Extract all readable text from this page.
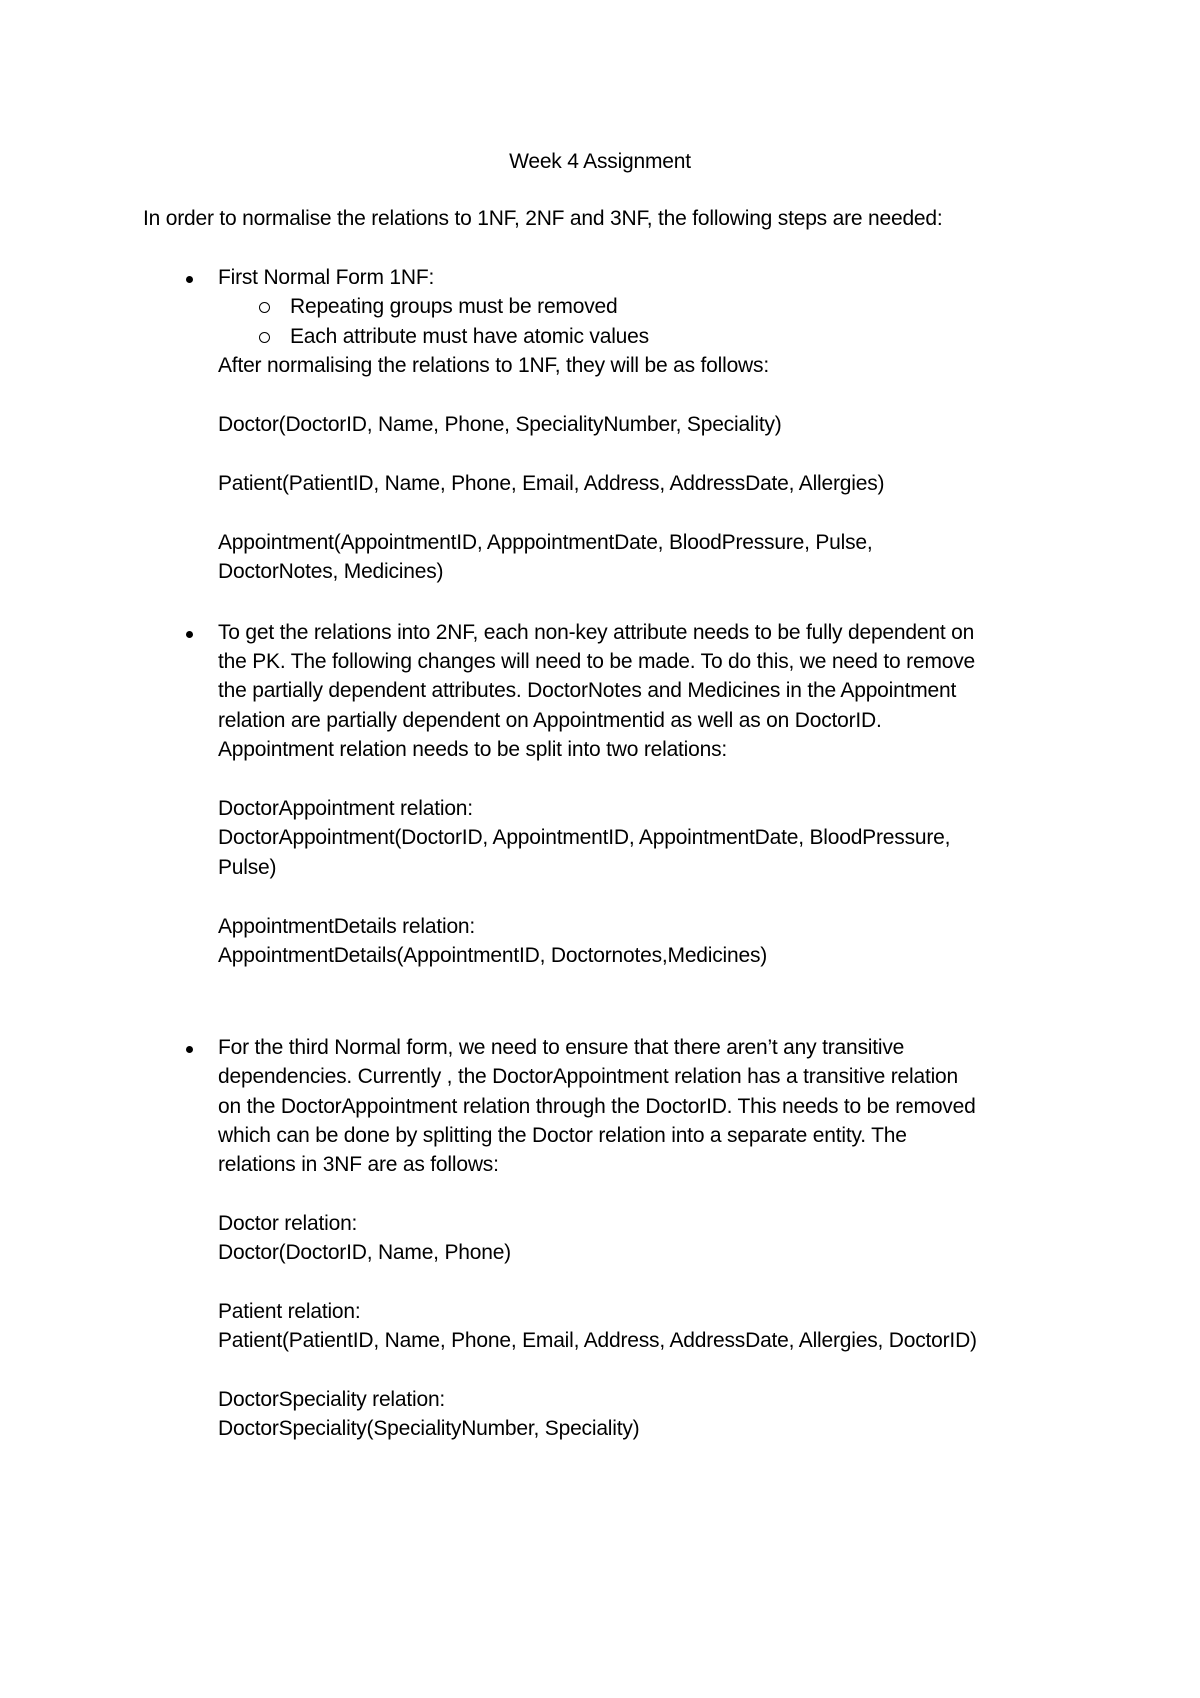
Week 4 Assignment
In order to normalise the relations to 1NF, 2NF and 3NF, the following steps are needed:
First Normal Form 1NF:
Repeating groups must be removed
Each attribute must have atomic values
After normalising the relations to 1NF, they will be as follows:
Doctor(DoctorID, Name, Phone, SpecialityNumber, Speciality)
Patient(PatientID, Name, Phone, Email, Address, AddressDate, Allergies)
Appointment(AppointmentID, ApppointmentDate, BloodPressure, Pulse,
DoctorNotes, Medicines)
To get the relations into 2NF, each non-key attribute needs to be fully dependent on
the PK. The following changes will need to be made. To do this, we need to remove
the partially dependent attributes. DoctorNotes and Medicines in the Appointment
relation are partially dependent on Appointmentid as well as on DoctorID.
Appointment relation needs to be split into two relations:
DoctorAppointment relation:
DoctorAppointment(DoctorID, AppointmentID, AppointmentDate, BloodPressure,
Pulse)
AppointmentDetails relation:
AppointmentDetails(AppointmentID, Doctornotes,Medicines)
For the third Normal form, we need to ensure that there aren’t any transitive
dependencies. Currently , the DoctorAppointment relation has a transitive relation
on the DoctorAppointment relation through the DoctorID. This needs to be removed
which can be done by splitting the Doctor relation into a separate entity. The
relations in 3NF are as follows:
Doctor relation:
Doctor(DoctorID, Name, Phone)
Patient relation:
Patient(PatientID, Name, Phone, Email, Address, AddressDate, Allergies, DoctorID)
DoctorSpeciality relation:
DoctorSpeciality(SpecialityNumber, Speciality)
